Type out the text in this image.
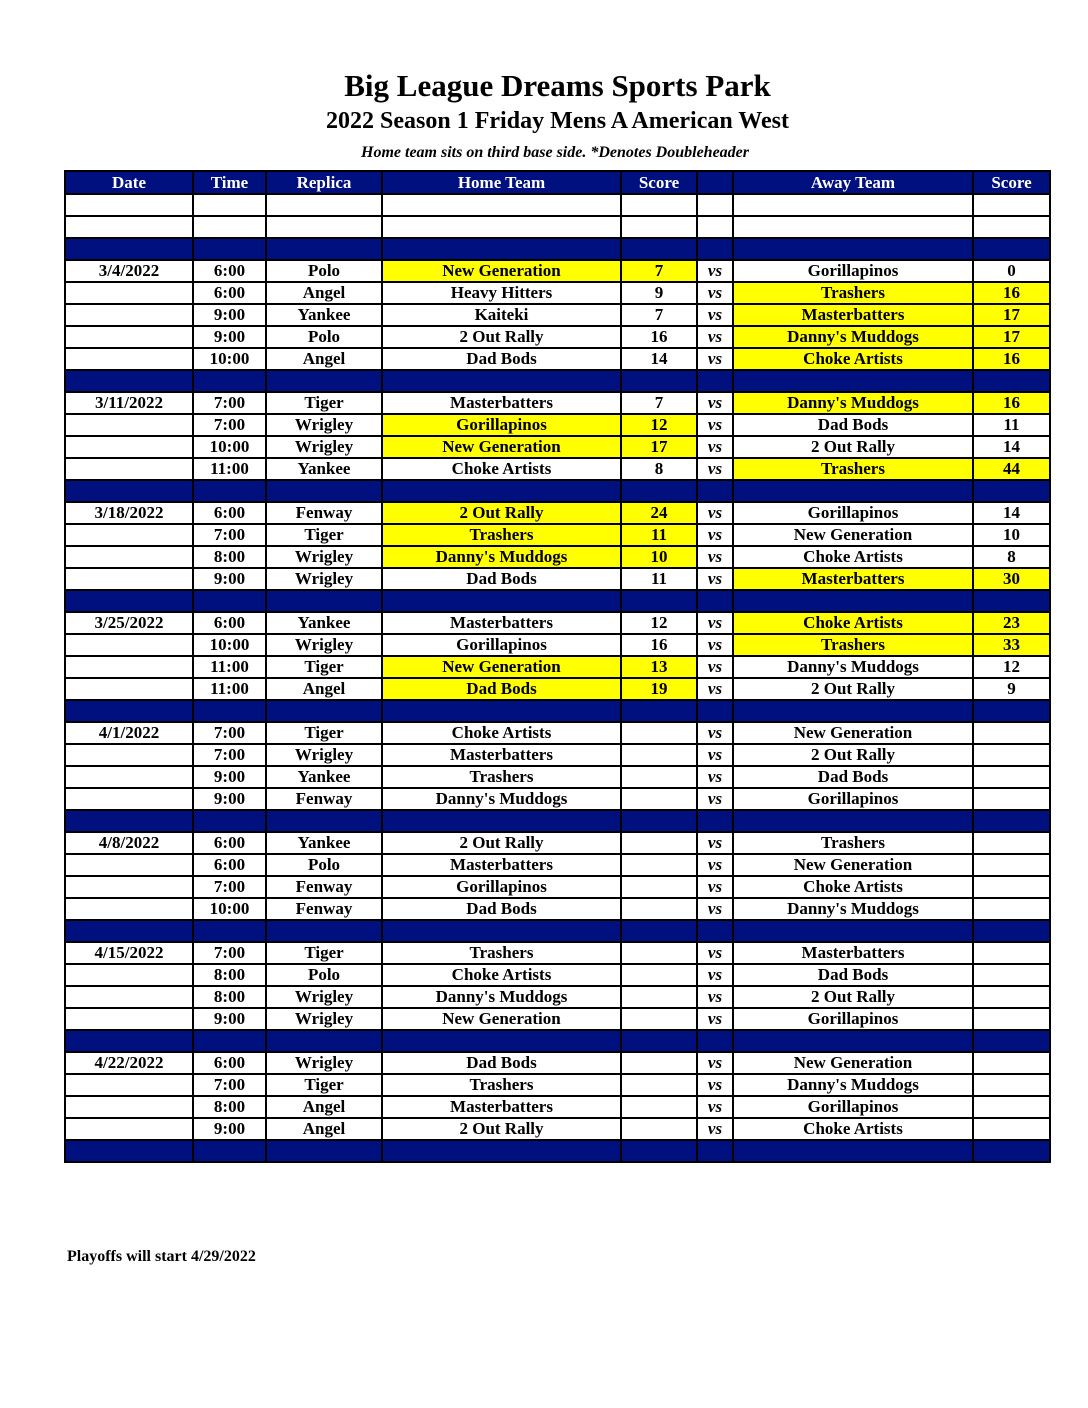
Big League Dreams Sports Park
2022 Season 1 Friday Mens A American West
Home team sits on third base side. *Denotes Doubleheader
Date	Time	Replica	Home Team	Score		Away Team	Score

3/4/2022	6:00	Polo	New Generation	7	vs	Gorillapinos	0
	6:00	Angel	Heavy Hitters	9	vs	Trashers	16
	9:00	Yankee	Kaiteki	7	vs	Masterbatters	17
	9:00	Polo	2 Out Rally	16	vs	Danny's Muddogs	17
	10:00	Angel	Dad Bods	14	vs	Choke Artists	16

3/11/2022	7:00	Tiger	Masterbatters	7	vs	Danny's Muddogs	16
	7:00	Wrigley	Gorillapinos	12	vs	Dad Bods	11
	10:00	Wrigley	New Generation	17	vs	2 Out Rally	14
	11:00	Yankee	Choke Artists	8	vs	Trashers	44

3/18/2022	6:00	Fenway	2 Out Rally	24	vs	Gorillapinos	14
	7:00	Tiger	Trashers	11	vs	New Generation	10
	8:00	Wrigley	Danny's Muddogs	10	vs	Choke Artists	8
	9:00	Wrigley	Dad Bods	11	vs	Masterbatters	30

3/25/2022	6:00	Yankee	Masterbatters	12	vs	Choke Artists	23
	10:00	Wrigley	Gorillapinos	16	vs	Trashers	33
	11:00	Tiger	New Generation	13	vs	Danny's Muddogs	12
	11:00	Angel	Dad Bods	19	vs	2 Out Rally	9

4/1/2022	7:00	Tiger	Choke Artists		vs	New Generation	
	7:00	Wrigley	Masterbatters		vs	2 Out Rally	
	9:00	Yankee	Trashers		vs	Dad Bods	
	9:00	Fenway	Danny's Muddogs		vs	Gorillapinos	

4/8/2022	6:00	Yankee	2 Out Rally		vs	Trashers	
	6:00	Polo	Masterbatters		vs	New Generation	
	7:00	Fenway	Gorillapinos		vs	Choke Artists	
	10:00	Fenway	Dad Bods		vs	Danny's Muddogs	

4/15/2022	7:00	Tiger	Trashers		vs	Masterbatters	
	8:00	Polo	Choke Artists		vs	Dad Bods	
	8:00	Wrigley	Danny's Muddogs		vs	2 Out Rally	
	9:00	Wrigley	New Generation		vs	Gorillapinos	

4/22/2022	6:00	Wrigley	Dad Bods		vs	New Generation	
	7:00	Tiger	Trashers		vs	Danny's Muddogs	
	8:00	Angel	Masterbatters		vs	Gorillapinos	
	9:00	Angel	2 Out Rally		vs	Choke Artists	

Playoffs will start 4/29/2022
